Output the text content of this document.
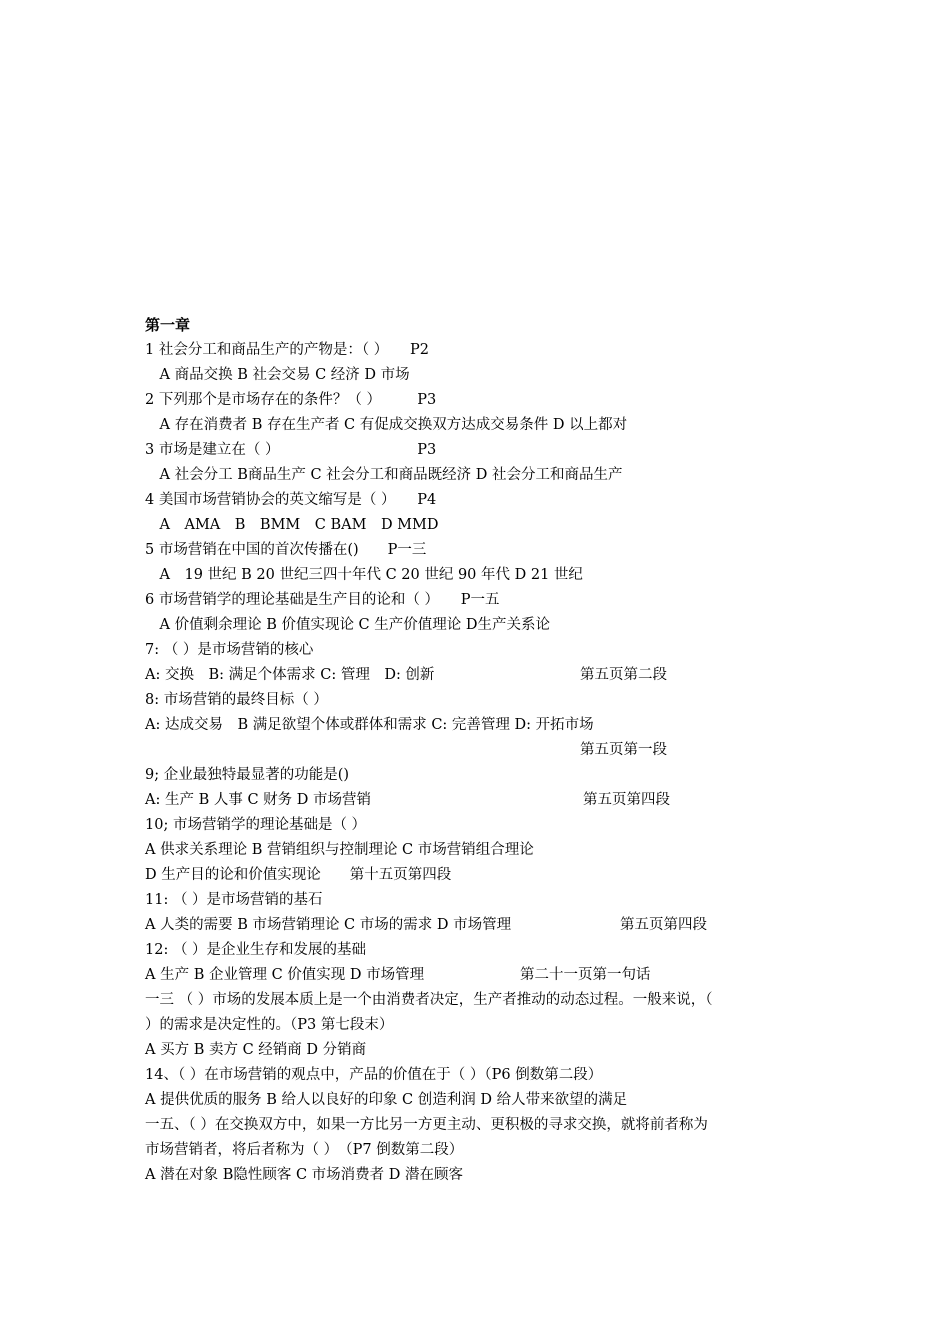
第一章
1 社会分工和商品生产的产物是：（ ）　　P2
　A 商品交换 B 社会交易 C 经济 D 市场
2 下列那个是市场存在的条件？（ ）　　　P3
　A 存在消费者 B 存在生产者 C 有促成交换双方达成交易条件 D 以上都对
3 市场是建立在（ ）　　　　　　　　　　P3
　A 社会分工 B商品生产 C 社会分工和商品既经济 D 社会分工和商品生产
4 美国市场营销协会的英文缩写是（ ）　　P4
　A　AMA　B　BMM　C BAM　D MMD
5 市场营销在中国的首次传播在()　　P一三
　A　19 世纪 B 20 世纪三四十年代 C 20 世纪 90 年代 D 21 世纪
6 市场营销学的理论基础是生产目的论和（ ）　　P一五
　A 价值剩余理论 B 价值实现论 C 生产价值理论 D生产关系论
7: （ ）是市场营销的核心
A: 交换　B: 满足个体需求 C: 管理　D: 创新	第五页第二段
8: 市场营销的最终目标（ ）
A: 达成交易　B 满足欲望个体或群体和需求 C: 完善管理 D: 开拓市场
第五页第一段
9; 企业最独特最显著的功能是()
A: 生产 B 人事 C 财务 D 市场营销	第五页第四段
10; 市场营销学的理论基础是（ ）
A 供求关系理论 B 营销组织与控制理论 C 市场营销组合理论
D 生产目的论和价值实现论　　第十五页第四段
11: （ ）是市场营销的基石
A 人类的需要 B 市场营销理论 C 市场的需求 D 市场管理	第五页第四段
12: （ ）是企业生存和发展的基础
A 生产 B 企业管理 C 价值实现 D 市场管理	第二十一页第一句话
一三 （ ）市场的发展本质上是一个由消费者决定，生产者推动的动态过程。一般来说，（
）的需求是决定性的。（P3 第七段末）
A 买方 B 卖方 C 经销商 D 分销商
14、（ ）在市场营销的观点中，产品的价值在于（ ）（P6 倒数第二段）
A 提供优质的服务 B 给人以良好的印象 C 创造利润 D 给人带来欲望的满足
一五、（ ）在交换双方中，如果一方比另一方更主动、更积极的寻求交换，就将前者称为
市场营销者，将后者称为（ ）　（P7 倒数第二段）
A 潜在对象 B隐性顾客 C 市场消费者 D 潜在顾客
